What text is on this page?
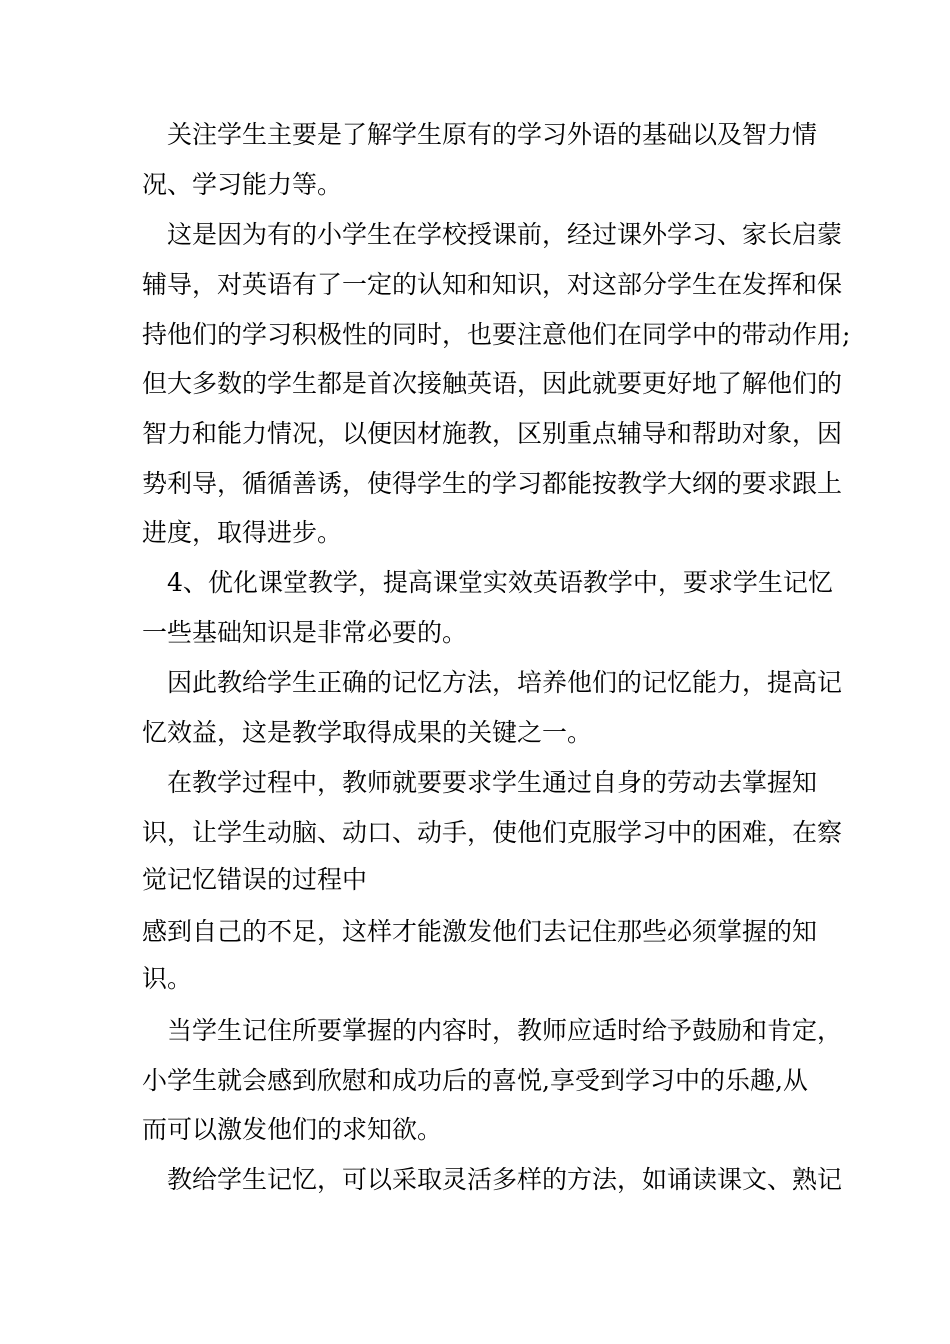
　关注学生主要是了解学生原有的学习外语的基础以及智力情
况、学习能力等。
　这是因为有的小学生在学校授课前，经过课外学习、家长启蒙
辅导，对英语有了一定的认知和知识，对这部分学生在发挥和保
持他们的学习积极性的同时，也要注意他们在同学中的带动作用;
但大多数的学生都是首次接触英语，因此就要更好地了解他们的
智力和能力情况，以便因材施教，区别重点辅导和帮助对象，因
势利导，循循善诱，使得学生的学习都能按教学大纲的要求跟上
进度，取得进步。
　4、优化课堂教学，提高课堂实效英语教学中，要求学生记忆
一些基础知识是非常必要的。
　因此教给学生正确的记忆方法，培养他们的记忆能力，提高记
忆效益，这是教学取得成果的关键之一。
　在教学过程中，教师就要要求学生通过自身的劳动去掌握知
识，让学生动脑、动口、动手，使他们克服学习中的困难，在察
觉记忆错误的过程中
感到自己的不足，这样才能激发他们去记住那些必须掌握的知
识。
　当学生记住所要掌握的内容时，教师应适时给予鼓励和肯定，
小学生就会感到欣慰和成功后的喜悦,享受到学习中的乐趣,从
而可以激发他们的求知欲。
　教给学生记忆，可以采取灵活多样的方法，如诵读课文、熟记
